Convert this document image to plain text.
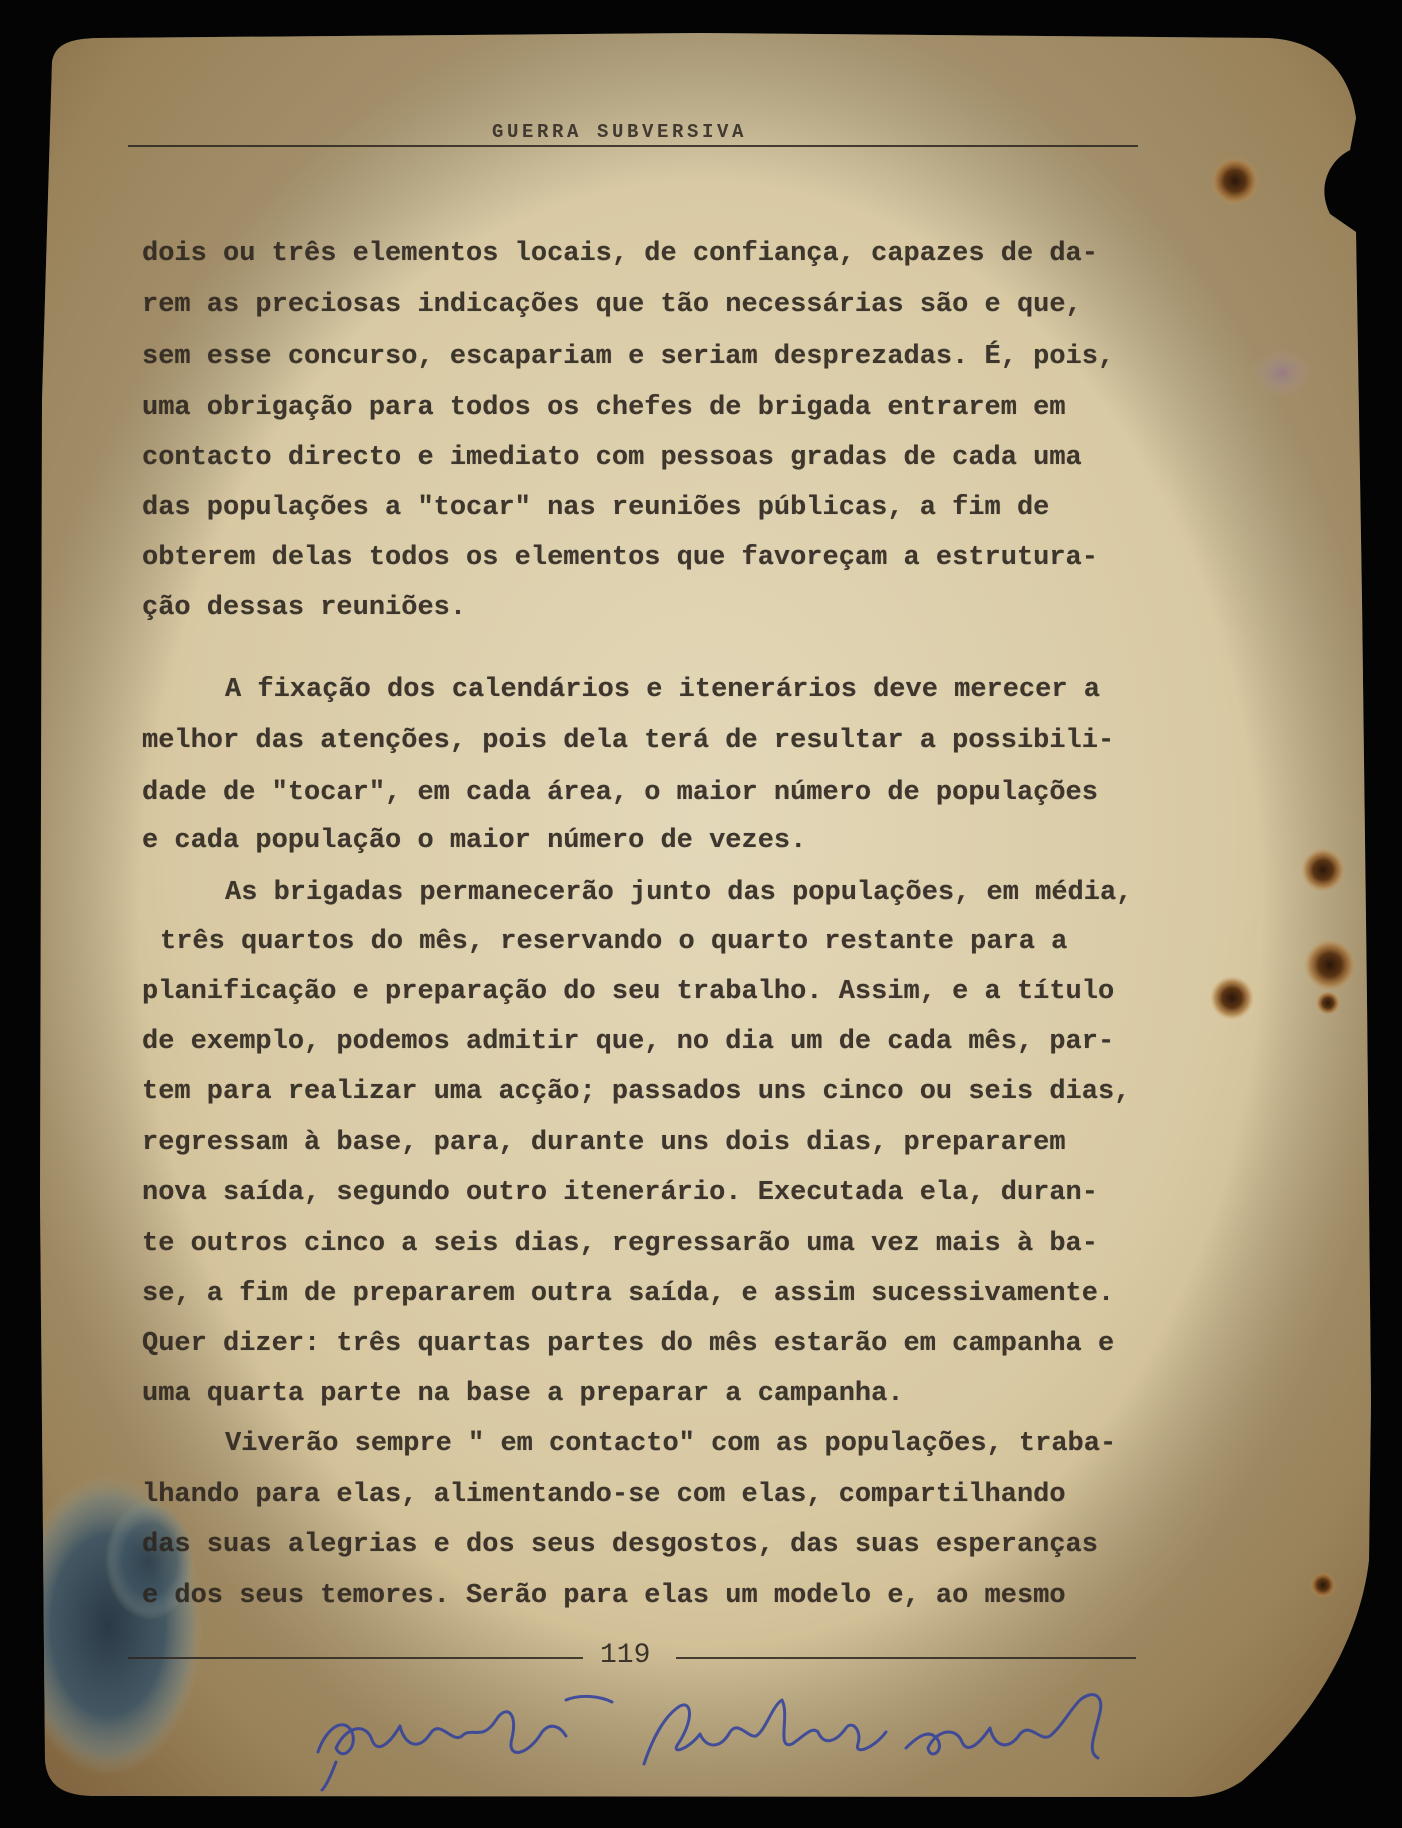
GUERRA SUBVERSIVA
dois ou três elementos locais, de confiança, capazes de da-
rem as preciosas indicações que tão necessárias são e que,
sem esse concurso, escapariam e seriam desprezadas. É, pois,
uma obrigação para todos os chefes de brigada entrarem em
contacto directo e imediato com pessoas gradas de cada uma
das populações a "tocar" nas reuniões públicas, a fim de
obterem delas todos os elementos que favoreçam a estrutura-
ção dessas reuniões.
A fixação dos calendários e itenerários deve merecer a
melhor das atenções, pois dela terá de resultar a possibili-
dade de "tocar", em cada área, o maior número de populações
e cada população o maior número de vezes.
As brigadas permanecerão junto das populações, em média,
três quartos do mês, reservando o quarto restante para a
planificação e preparação do seu trabalho. Assim, e a título
de exemplo, podemos admitir que, no dia um de cada mês, par-
tem para realizar uma acção; passados uns cinco ou seis dias,
regressam à base, para, durante uns dois dias, prepararem
nova saída, segundo outro itenerário. Executada ela, duran-
te outros cinco a seis dias, regressarão uma vez mais à ba-
se, a fim de prepararem outra saída, e assim sucessivamente.
Quer dizer: três quartas partes do mês estarão em campanha e
uma quarta parte na base a preparar a campanha.
Viverão sempre " em contacto" com as populações, traba-
lhando para elas, alimentando-se com elas, compartilhando
das suas alegrias e dos seus desgostos, das suas esperanças
e dos seus temores. Serão para elas um modelo e, ao mesmo
119
